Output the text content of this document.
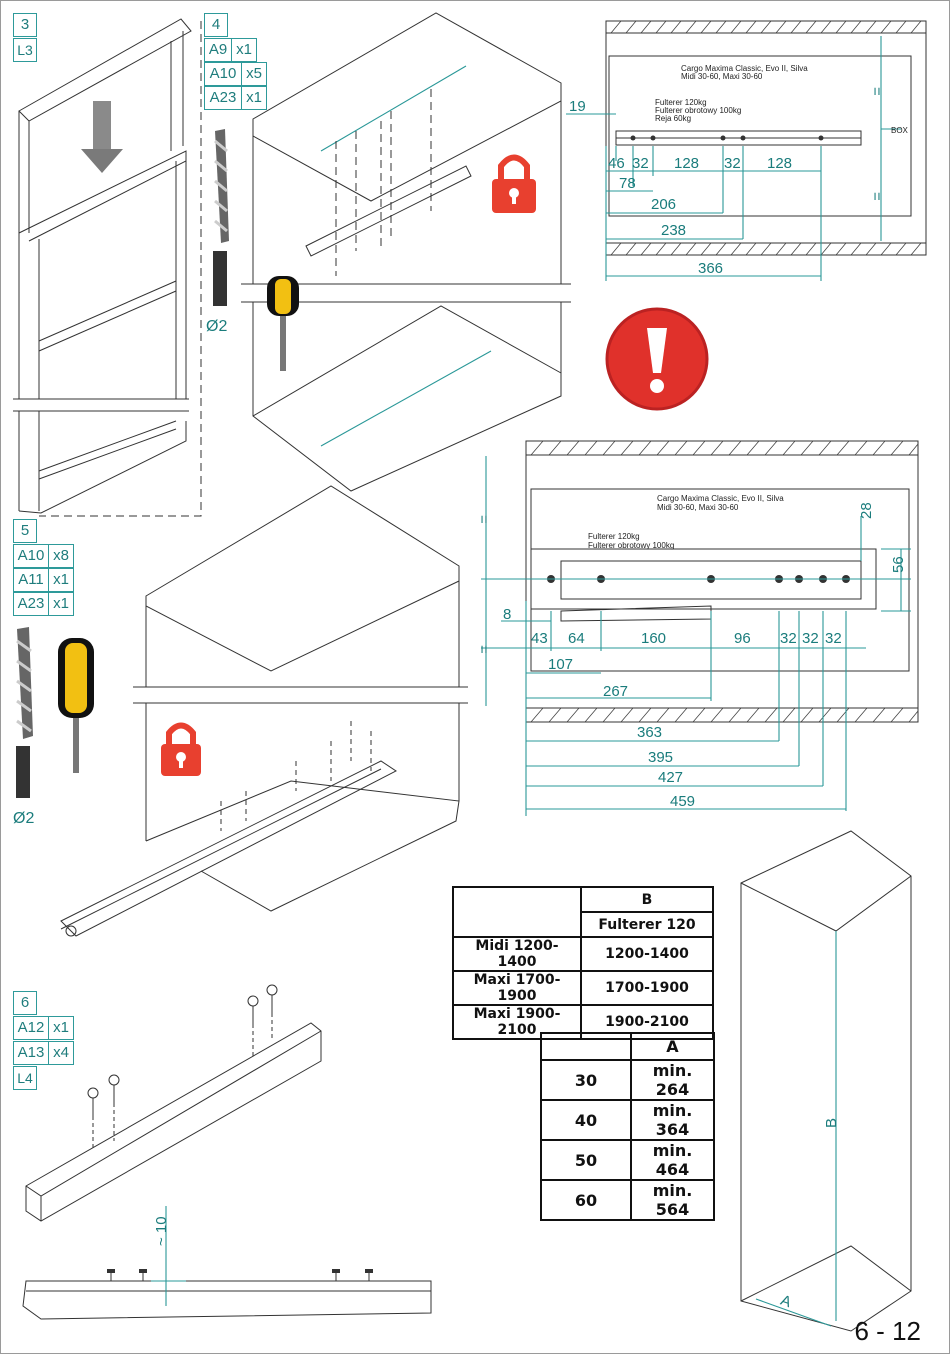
3
L3
4
A9 x1
A10 x5
A23 x1
5
A10 x8
A11 x1
A23 x1
6
A12 x1
A13 x4
L4
Ø2
Cargo Maxima Classic, Evo II, Silva
Midi 30-60, Maxi 30-60
Fulterer 120kg
Fulterer obrotowy 100kg
Reja 60kg
BOX
19
46 32 128 32 128
78
206
238
366
=
=
Cargo Maxima Classic, Evo II, Silva
Midi 30-60, Maxi 30-60
Fulterer 120kg
Fulterer obrotowy 100kg
28
56
8
43 64	160	96 32 32 32
107
267
363
395
427
459
=
=
Ø2
B
A
~ 10
	B
	Fulterer 120
Midi 1200-1400	1200-1400
Maxi 1700-1900	1700-1900
Maxi 1900-2100	1900-2100
	A
30	min. 264
40	min. 364
50	min. 464
60	min. 564
6 - 12
